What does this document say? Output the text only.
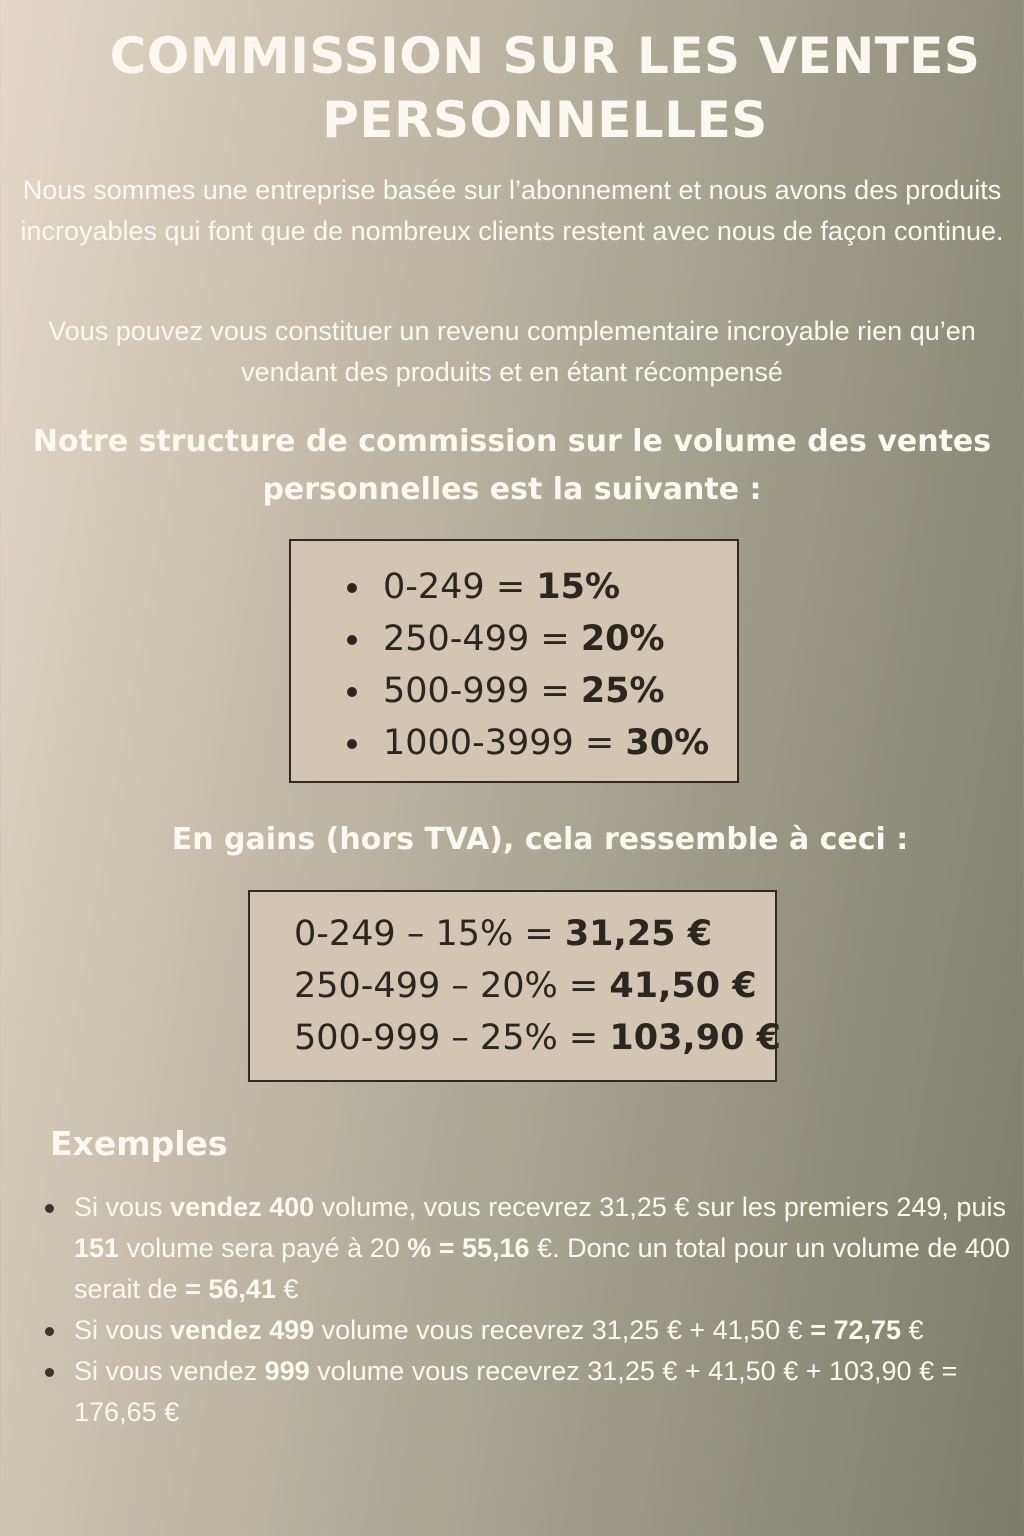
COMMISSION SUR LES VENTES
PERSONNELLES

Nous sommes une entreprise basée sur l’abonnement et nous avons des produits incroyables qui font que de nombreux clients restent avec nous de façon continue.

Vous pouvez vous constituer un revenu complementaire incroyable rien qu’en vendant des produits et en étant récompensé

Notre structure de commission sur le volume des ventes personnelles est la suivante :
0-249 = 15%
250-499 = 20%
500-999 = 25%
1000-3999 = 30%
En gains (hors TVA), cela ressemble à ceci :
0-249 – 15% = 31,25 €
250-499 – 20% = 41,50 €
500-999 – 25% = 103,90 €
Exemples
Si vous vendez 400 volume, vous recevrez 31,25 € sur les premiers 249, puis 151 volume sera payé à 20 % = 55,16 €. Donc un total pour un volume de 400 serait de = 56,41 €
Si vous vendez 499 volume vous recevrez 31,25 € + 41,50 € = 72,75 €
Si vous vendez 999 volume vous recevrez 31,25 € + 41,50 € + 103,90 € = 176,65 €
